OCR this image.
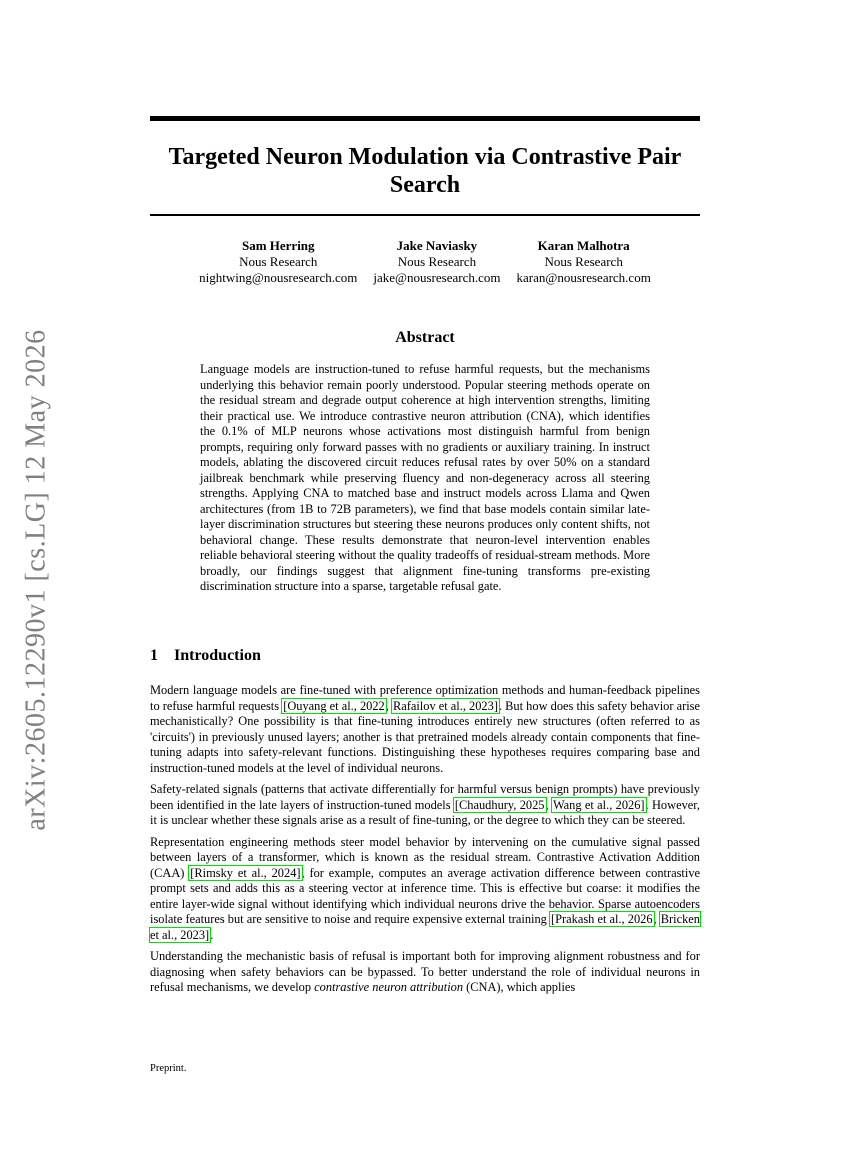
arXiv:2605.12290v1 [cs.LG] 12 May 2026
Targeted Neuron Modulation via Contrastive Pair Search
Sam Herring
Nous Research
nightwing@nousresearch.com
Jake Naviasky
Nous Research
jake@nousresearch.com
Karan Malhotra
Nous Research
karan@nousresearch.com
Abstract

Language models are instruction-tuned to refuse harmful requests, but the mechanisms underlying this behavior remain poorly understood. Popular steering methods operate on the residual stream and degrade output coherence at high intervention strengths, limiting their practical use. We introduce contrastive neuron attribution (CNA), which identifies the 0.1% of MLP neurons whose activations most distinguish harmful from benign prompts, requiring only forward passes with no gradients or auxiliary training. In instruct models, ablating the discovered circuit reduces refusal rates by over 50% on a standard jailbreak benchmark while preserving fluency and non-degeneracy across all steering strengths. Applying CNA to matched base and instruct models across Llama and Qwen architectures (from 1B to 72B parameters), we find that base models contain similar late-layer discrimination structures but steering these neurons produces only content shifts, not behavioral change. These results demonstrate that neuron-level intervention enables reliable behavioral steering without the quality tradeoffs of residual-stream methods. More broadly, our findings suggest that alignment fine-tuning transforms pre-existing discrimination structure into a sparse, targetable refusal gate.

1 Introduction

Modern language models are fine-tuned with preference optimization methods and human-feedback pipelines to refuse harmful requests [Ouyang et al., 2022, Rafailov et al., 2023]. But how does this safety behavior arise mechanistically? One possibility is that fine-tuning introduces entirely new structures (often referred to as 'circuits') in previously unused layers; another is that pretrained models already contain components that fine-tuning adapts into safety-relevant functions. Distinguishing these hypotheses requires comparing base and instruction-tuned models at the level of individual neurons.

Safety-related signals (patterns that activate differentially for harmful versus benign prompts) have previously been identified in the late layers of instruction-tuned models [Chaudhury, 2025, Wang et al., 2026]. However, it is unclear whether these signals arise as a result of fine-tuning, or the degree to which they can be steered.

Representation engineering methods steer model behavior by intervening on the cumulative signal passed between layers of a transformer, which is known as the residual stream. Contrastive Activation Addition (CAA) [Rimsky et al., 2024], for example, computes an average activation difference between contrastive prompt sets and adds this as a steering vector at inference time. This is effective but coarse: it modifies the entire layer-wide signal without identifying which individual neurons drive the behavior. Sparse autoencoders isolate features but are sensitive to noise and require expensive external training [Prakash et al., 2026, Bricken et al., 2023].

Understanding the mechanistic basis of refusal is important both for improving alignment robustness and for diagnosing when safety behaviors can be bypassed. To better understand the role of individual neurons in refusal mechanisms, we develop contrastive neuron attribution (CNA), which applies

Preprint.
